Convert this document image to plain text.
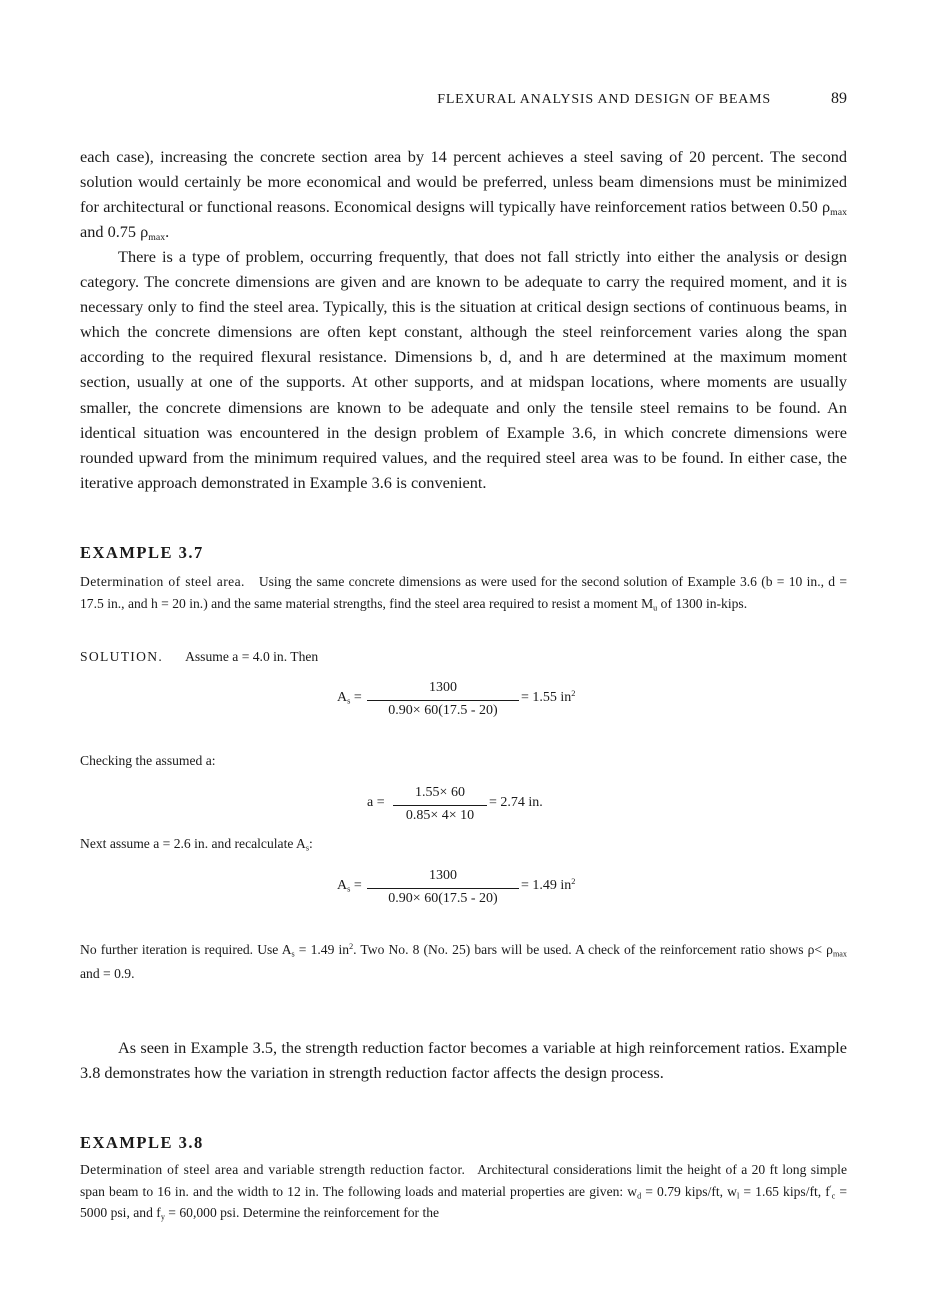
FLEXURAL ANALYSIS AND DESIGN OF BEAMS	89

each case), increasing the concrete section area by 14 percent achieves a steel saving of 20 percent. The second solution would certainly be more economical and would be preferred, unless beam dimensions must be minimized for architectural or functional reasons. Economical designs will typically have reinforcement ratios between 0.50 $\rho_{max}$ and 0.75 $\rho_{max}$.

There is a type of problem, occurring frequently, that does not fall strictly into either the analysis or design category. The concrete dimensions are given and are known to be adequate to carry the required moment, and it is necessary only to find the steel area. Typically, this is the situation at critical design sections of continuous beams, in which the concrete dimensions are often kept constant, although the steel reinforcement varies along the span according to the required flexural resistance. Dimensions b, d, and h are determined at the maximum moment section, usually at one of the supports. At other supports, and at midspan locations, where moments are usually smaller, the concrete dimensions are known to be adequate and only the tensile steel remains to be found. An identical situation was encountered in the design problem of Example 3.6, in which concrete dimensions were rounded upward from the minimum required values, and the required steel area was to be found. In either case, the iterative approach demonstrated in Example 3.6 is convenient.

EXAMPLE 3.7

Determination of steel area. Using the same concrete dimensions as were used for the second solution of Example 3.6 (b = 10 in., d = 17.5 in., and h = 20 in.) and the same material strengths, find the steel area required to resist a moment $M_u$ of 1300 in-kips.

SOLUTION. Assume a = 4.0 in. Then

$A_s$ =
1300
0.90× 60(17.5 - 20)
= 1.55 $in^2$

Checking the assumed a:

a =
1.55× 60
0.85× 4× 10
= 2.74 in.

Next assume a = 2.6 in. and recalculate $A_s$:

$A_s$ =
1300
0.90× 60(17.5 - 20)
= 1.49 $in^2$

No further iteration is required. Use $A_s = 1.49$ $in^2$. Two No. 8 (No. 25) bars will be used. A check of the reinforcement ratio shows $\rho< \rho_{max}$ and = 0.9.

As seen in Example 3.5, the strength reduction factor becomes a variable at high reinforcement ratios. Example 3.8 demonstrates how the variation in strength reduction factor affects the design process.

EXAMPLE 3.8

Determination of steel area and variable strength reduction factor. Architectural considerations limit the height of a 20 ft long simple span beam to 16 in. and the width to 12 in. The following loads and material properties are given: $w_d = 0.79$ kips/ft, $w_l = 1.65$ kips/ft, $f'_c = 5000$ psi, and $f_y = 60,000$ psi. Determine the reinforcement for the
